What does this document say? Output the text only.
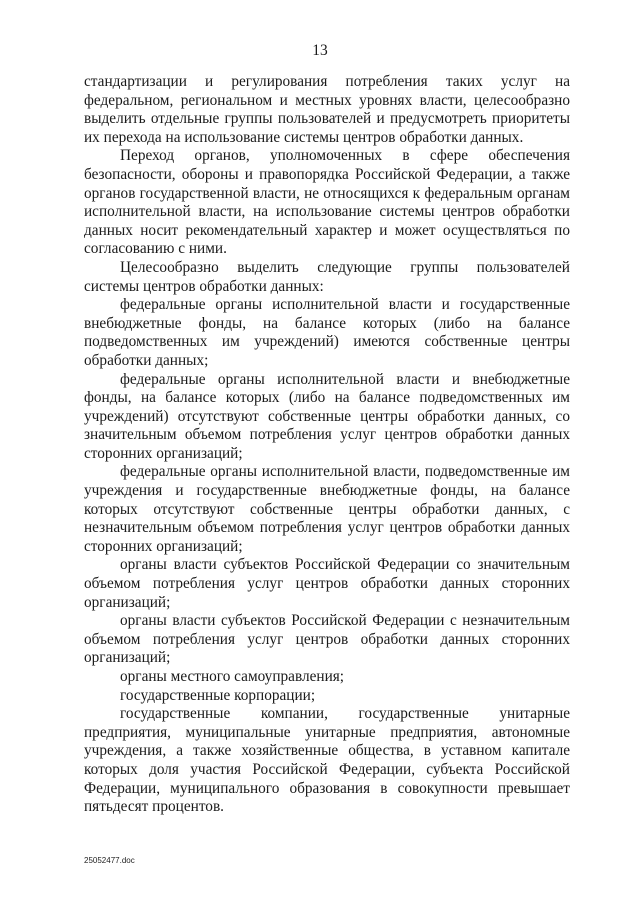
13

стандартизации и регулирования потребления таких услуг на федеральном, региональном и местных уровнях власти, целесообразно выделить отдельные группы пользователей и предусмотреть приоритеты их перехода на использование системы центров обработки данных.

Переход органов, уполномоченных в сфере обеспечения безопасности, обороны и правопорядка Российской Федерации, а также органов государственной власти, не относящихся к федеральным органам исполнительной власти, на использование системы центров обработки данных носит рекомендательный характер и может осуществляться по согласованию с ними.

Целесообразно выделить следующие группы пользователей системы центров обработки данных:

федеральные органы исполнительной власти и государственные внебюджетные фонды, на балансе которых (либо на балансе подведомственных им учреждений) имеются собственные центры обработки данных;

федеральные органы исполнительной власти и внебюджетные фонды, на балансе которых (либо на балансе подведомственных им учреждений) отсутствуют собственные центры обработки данных, со значительным объемом потребления услуг центров обработки данных сторонних организаций;

федеральные органы исполнительной власти, подведомственные им учреждения и государственные внебюджетные фонды, на балансе которых отсутствуют собственные центры обработки данных, с незначительным объемом потребления услуг центров обработки данных сторонних организаций;

органы власти субъектов Российской Федерации со значительным объемом потребления услуг центров обработки данных сторонних организаций;

органы власти субъектов Российской Федерации с незначительным объемом потребления услуг центров обработки данных сторонних организаций;

органы местного самоуправления;

государственные корпорации;

государственные компании, государственные унитарные предприятия, муниципальные унитарные предприятия, автономные учреждения, а также хозяйственные общества, в уставном капитале которых доля участия Российской Федерации, субъекта Российской Федерации, муниципального образования в совокупности превышает пятьдесят процентов.

25052477.doc
